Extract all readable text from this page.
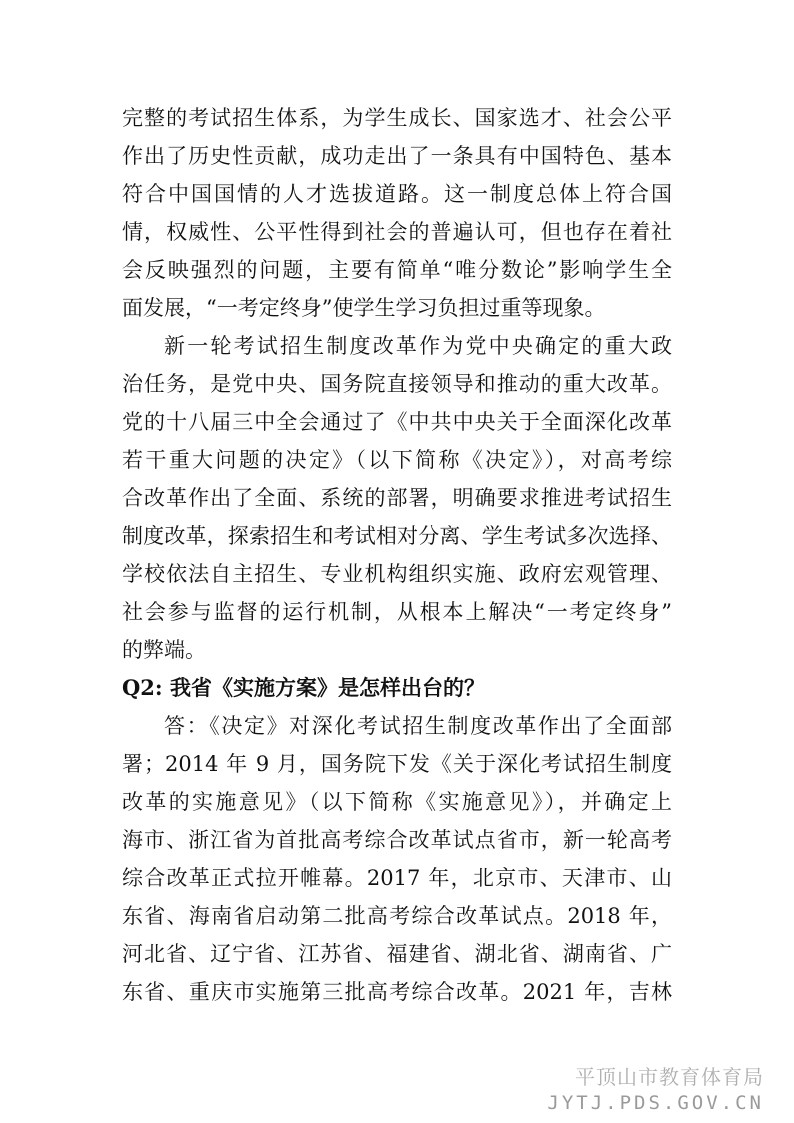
完整的考试招生体系，为学生成长、国家选才、社会公平
作出了历史性贡献，成功走出了一条具有中国特色、基本
符合中国国情的人才选拔道路。这一制度总体上符合国
情，权威性、公平性得到社会的普遍认可，但也存在着社
会反映强烈的问题，主要有简单“唯分数论”影响学生全
面发展，“一考定终身”使学生学习负担过重等现象。
新一轮考试招生制度改革作为党中央确定的重大政
治任务，是党中央、国务院直接领导和推动的重大改革。
党的十八届三中全会通过了《中共中央关于全面深化改革
若干重大问题的决定》（以下简称《决定》），对高考综
合改革作出了全面、系统的部署，明确要求推进考试招生
制度改革，探索招生和考试相对分离、学生考试多次选择、
学校依法自主招生、专业机构组织实施、政府宏观管理、
社会参与监督的运行机制，从根本上解决“一考定终身”
的弊端。
Q2: 我省《实施方案》是怎样出台的？
答：《决定》对深化考试招生制度改革作出了全面部
署；2014 年 9 月，国务院下发《关于深化考试招生制度
改革的实施意见》（以下简称《实施意见》），并确定上
海市、浙江省为首批高考综合改革试点省市，新一轮高考
综合改革正式拉开帷幕。2017 年，北京市、天津市、山
东省、海南省启动第二批高考综合改革试点。2018 年，
河北省、辽宁省、江苏省、福建省、湖北省、湖南省、广
东省、重庆市实施第三批高考综合改革。2021 年，吉林
平顶山市教育体育局
JYTJ.PDS.GOV.CN
